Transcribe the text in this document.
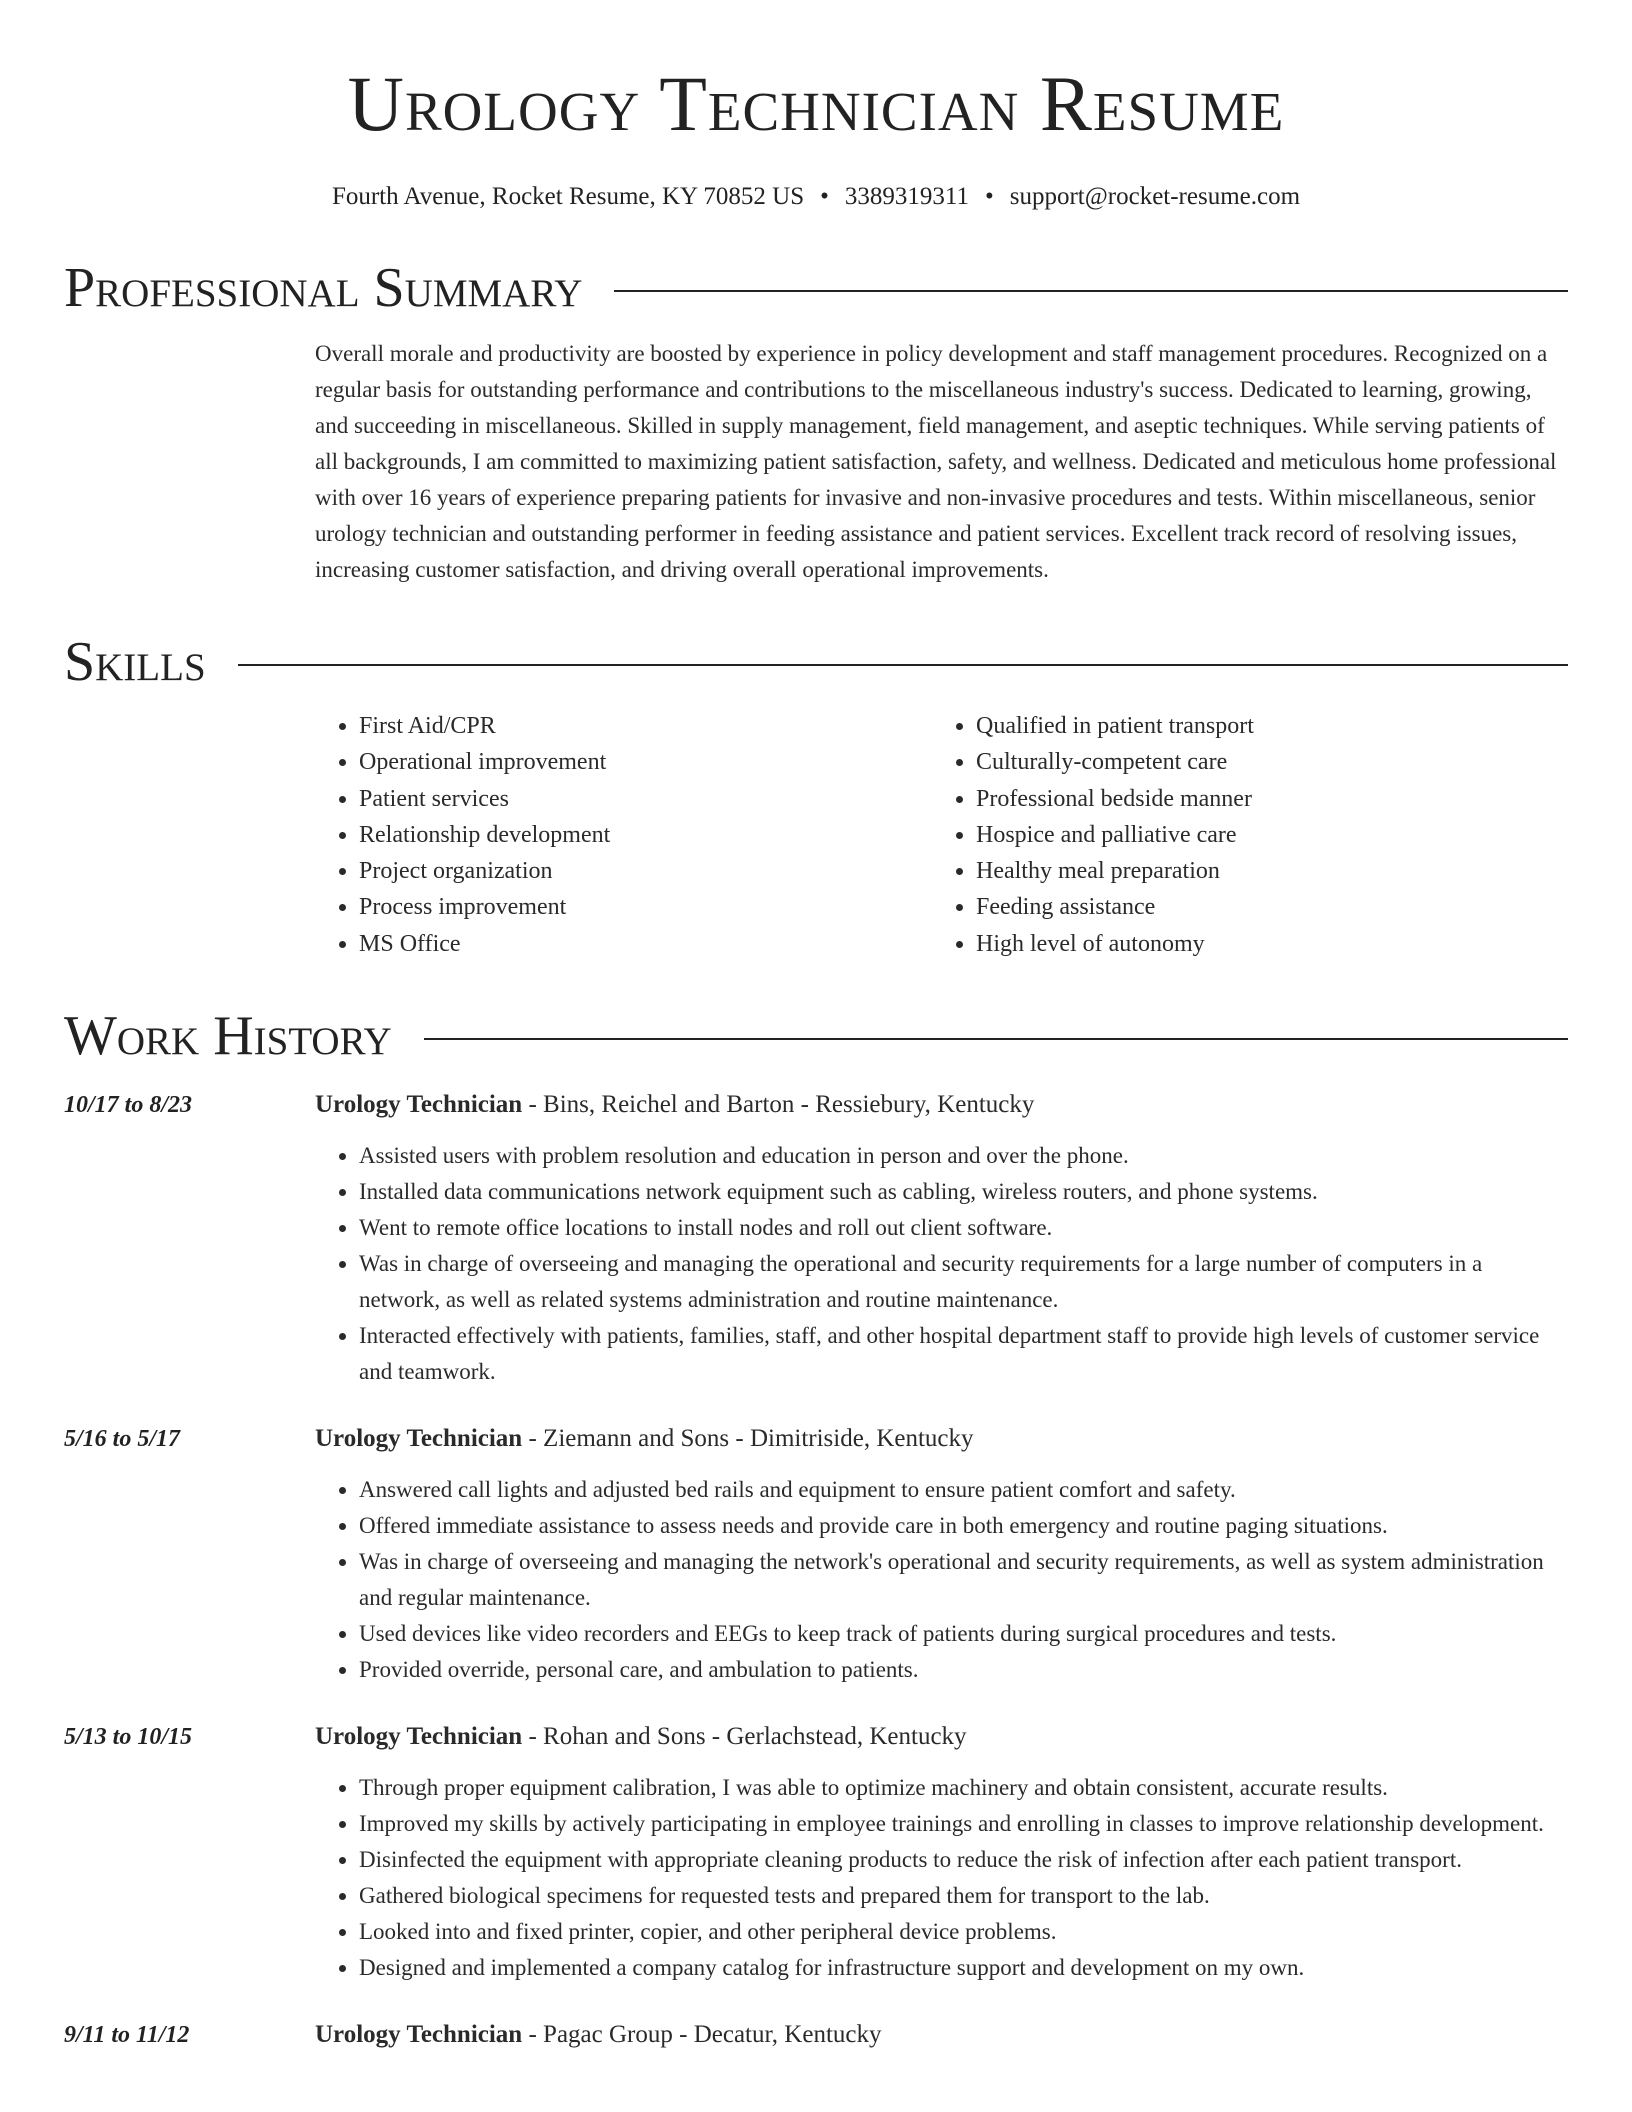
Urology Technician Resume
Fourth Avenue, Rocket Resume, KY 70852 US • 3389319311 • support@rocket-resume.com
Professional Summary
Overall morale and productivity are boosted by experience in policy development and staff management procedures. Recognized on a regular basis for outstanding performance and contributions to the miscellaneous industry's success. Dedicated to learning, growing, and succeeding in miscellaneous. Skilled in supply management, field management, and aseptic techniques. While serving patients of all backgrounds, I am committed to maximizing patient satisfaction, safety, and wellness. Dedicated and meticulous home professional with over 16 years of experience preparing patients for invasive and non-invasive procedures and tests. Within miscellaneous, senior urology technician and outstanding performer in feeding assistance and patient services. Excellent track record of resolving issues, increasing customer satisfaction, and driving overall operational improvements.
Skills
• First Aid/CPR
• Operational improvement
• Patient services
• Relationship development
• Project organization
• Process improvement
• MS Office
• Qualified in patient transport
• Culturally-competent care
• Professional bedside manner
• Hospice and palliative care
• Healthy meal preparation
• Feeding assistance
• High level of autonomy
Work History
10/17 to 8/23	Urology Technician - Bins, Reichel and Barton - Ressiebury, Kentucky
• Assisted users with problem resolution and education in person and over the phone.
• Installed data communications network equipment such as cabling, wireless routers, and phone systems.
• Went to remote office locations to install nodes and roll out client software.
• Was in charge of overseeing and managing the operational and security requirements for a large number of computers in a network, as well as related systems administration and routine maintenance.
• Interacted effectively with patients, families, staff, and other hospital department staff to provide high levels of customer service and teamwork.
5/16 to 5/17	Urology Technician - Ziemann and Sons - Dimitriside, Kentucky
• Answered call lights and adjusted bed rails and equipment to ensure patient comfort and safety.
• Offered immediate assistance to assess needs and provide care in both emergency and routine paging situations.
• Was in charge of overseeing and managing the network's operational and security requirements, as well as system administration and regular maintenance.
• Used devices like video recorders and EEGs to keep track of patients during surgical procedures and tests.
• Provided override, personal care, and ambulation to patients.
5/13 to 10/15	Urology Technician - Rohan and Sons - Gerlachstead, Kentucky
• Through proper equipment calibration, I was able to optimize machinery and obtain consistent, accurate results.
• Improved my skills by actively participating in employee trainings and enrolling in classes to improve relationship development.
• Disinfected the equipment with appropriate cleaning products to reduce the risk of infection after each patient transport.
• Gathered biological specimens for requested tests and prepared them for transport to the lab.
• Looked into and fixed printer, copier, and other peripheral device problems.
• Designed and implemented a company catalog for infrastructure support and development on my own.
9/11 to 11/12	Urology Technician - Pagac Group - Decatur, Kentucky
